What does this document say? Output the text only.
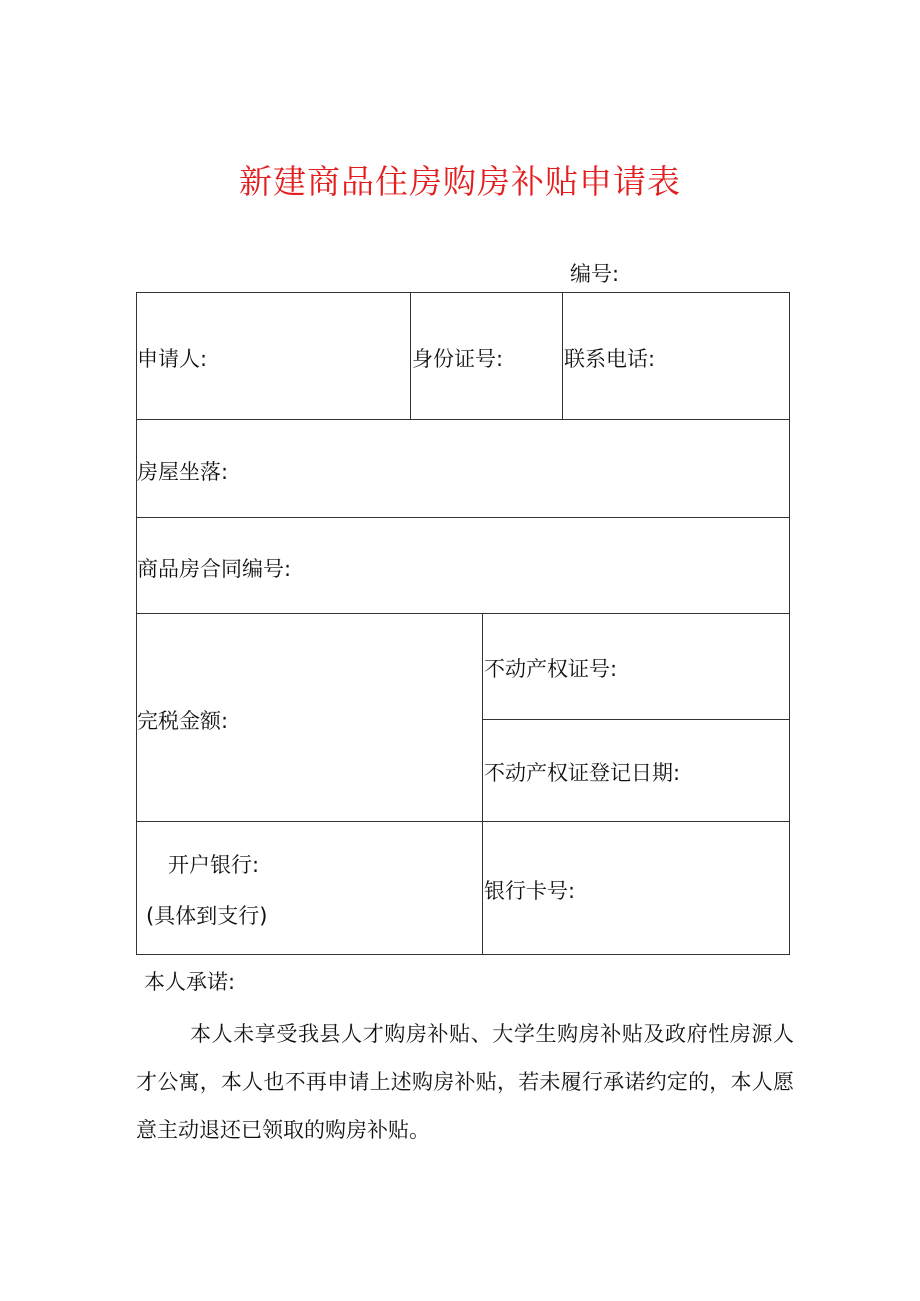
新建商品住房购房补贴申请表
编号:
申请人:	身份证号:	联系电话:
房屋坐落:
商品房合同编号:
完税金额:
不动产权证号:
不动产权证登记日期:
开户银行:
(具体到支行)
银行卡号:
本人承诺:
本人未享受我县人才购房补贴、大学生购房补贴及政府性房源人才公寓，本人也不再申请上述购房补贴，若未履行承诺约定的，本人愿意主动退还已领取的购房补贴。
